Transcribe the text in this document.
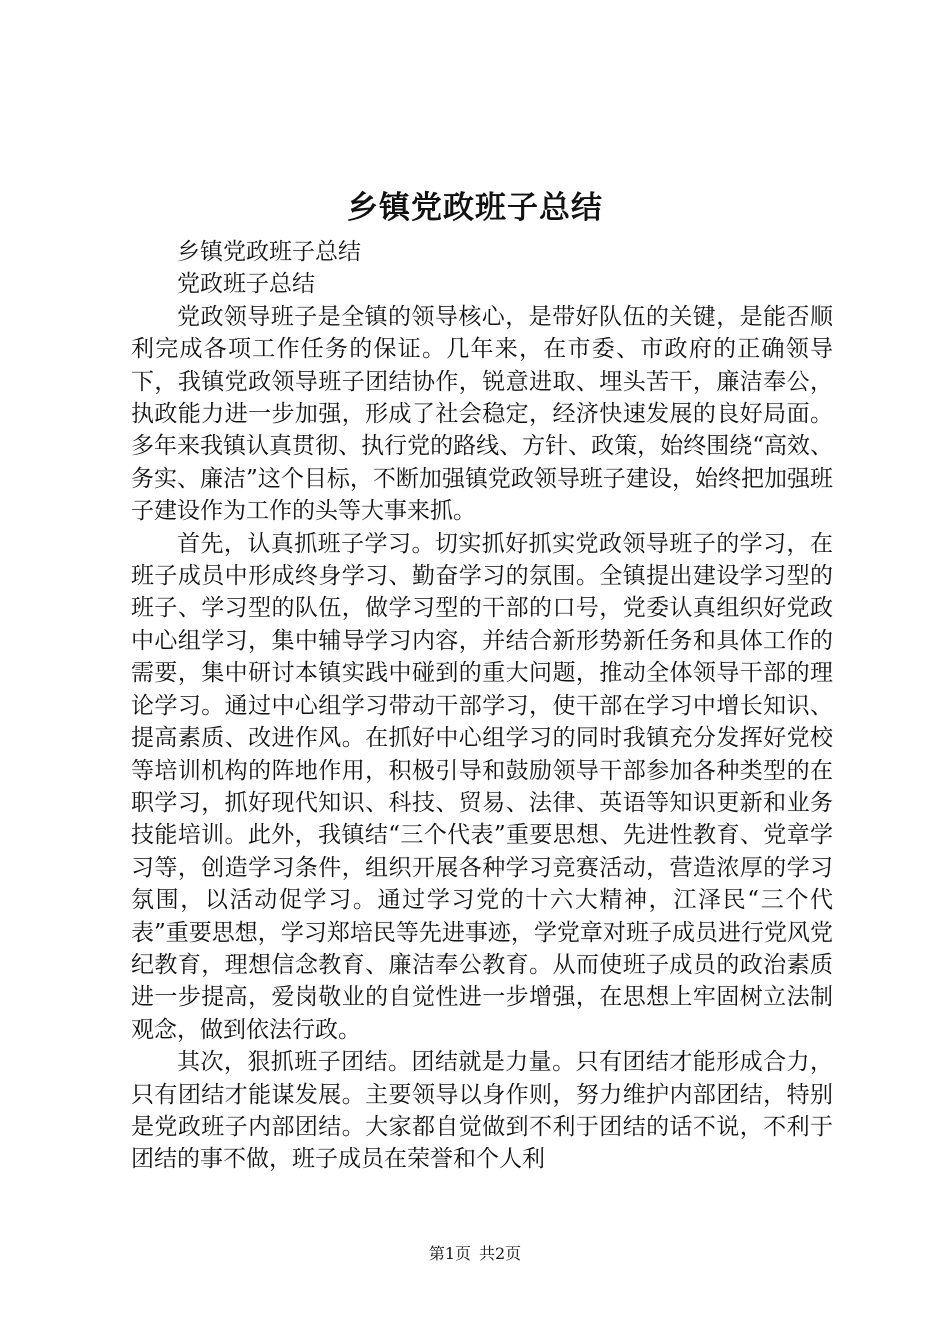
乡镇党政班子总结

乡镇党政班子总结

党政班子总结

党政领导班子是全镇的领导核心，是带好队伍的关键，是能否顺利完成各项工作任务的保证。几年来，在市委、市政府的正确领导下，我镇党政领导班子团结协作，锐意进取、埋头苦干，廉洁奉公，执政能力进一步加强，形成了社会稳定，经济快速发展的良好局面。多年来我镇认真贯彻、执行党的路线、方针、政策，始终围绕“高效、务实、廉洁”这个目标，不断加强镇党政领导班子建设，始终把加强班子建设作为工作的头等大事来抓。

首先，认真抓班子学习。切实抓好抓实党政领导班子的学习，在班子成员中形成终身学习、勤奋学习的氛围。全镇提出建设学习型的班子、学习型的队伍，做学习型的干部的口号，党委认真组织好党政中心组学习，集中辅导学习内容，并结合新形势新任务和具体工作的需要，集中研讨本镇实践中碰到的重大问题，推动全体领导干部的理论学习。通过中心组学习带动干部学习，使干部在学习中增长知识、提高素质、改进作风。在抓好中心组学习的同时我镇充分发挥好党校等培训机构的阵地作用，积极引导和鼓励领导干部参加各种类型的在职学习，抓好现代知识、科技、贸易、法律、英语等知识更新和业务技能培训。此外，我镇结“三个代表”重要思想、先进性教育、党章学习等，创造学习条件，组织开展各种学习竞赛活动，营造浓厚的学习氛围，以活动促学习。通过学习党的十六大精神，江泽民“三个代表”重要思想，学习郑培民等先进事迹，学党章对班子成员进行党风党纪教育，理想信念教育、廉洁奉公教育。从而使班子成员的政治素质进一步提高，爱岗敬业的自觉性进一步增强，在思想上牢固树立法制观念，做到依法行政。

其次，狠抓班子团结。团结就是力量。只有团结才能形成合力，只有团结才能谋发展。主要领导以身作则，努力维护内部团结，特别是党政班子内部团结。大家都自觉做到不利于团结的话不说，不利于团结的事不做，班子成员在荣誉和个人利

第1页 共2页
